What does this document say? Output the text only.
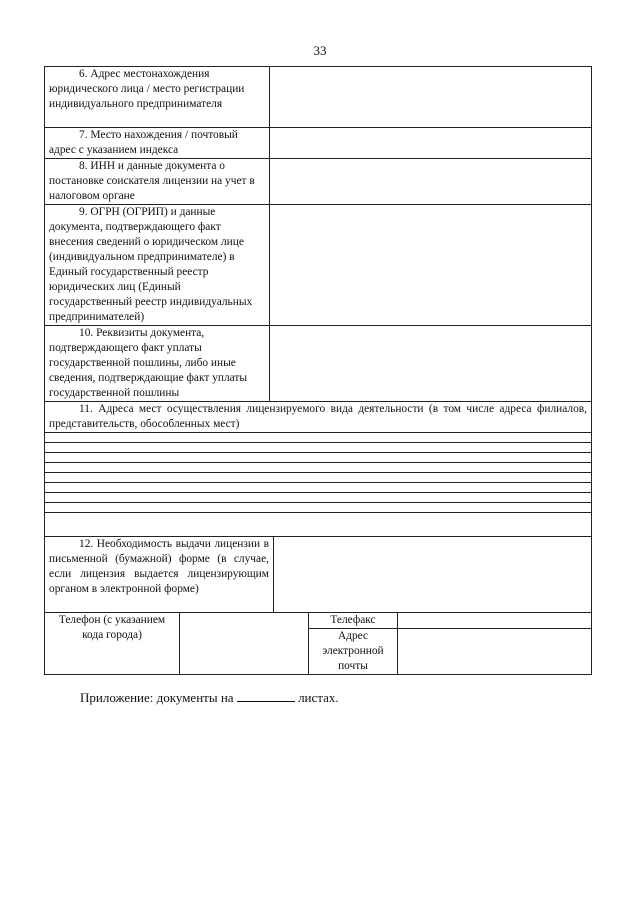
33
6. Адрес местонахождения юридического лица / место регистрации индивидуального предпринимателя	
7. Место нахождения / почтовый адрес с указанием индекса	
8. ИНН и данные документа о постановке соискателя лицензии на учет в налоговом органе	
9. ОГРН (ОГРИП) и данные документа, подтверждающего факт внесения сведений о юридическом лице (индивидуальном предпринимателе) в Единый государственный реестр юридических лиц (Единый государственный реестр индивидуальных предпринимателей)	
10. Реквизиты документа, подтверждающего факт уплаты государственной пошлины, либо иные сведения, подтверждающие факт уплаты государственной пошлины	
11. Адреса мест осуществления лицензируемого вида деятельности (в том числе адреса филиалов, представительств, обособленных мест)

12. Необходимость выдачи лицензии в письменной (бумажной) форме (в случае, если лицензия выдается лицензирующим органом в электронной форме)	
Телефон (с указанием кода города)		Телефакс	
		Адрес электронной почты	
Приложение: документы на	листах.
